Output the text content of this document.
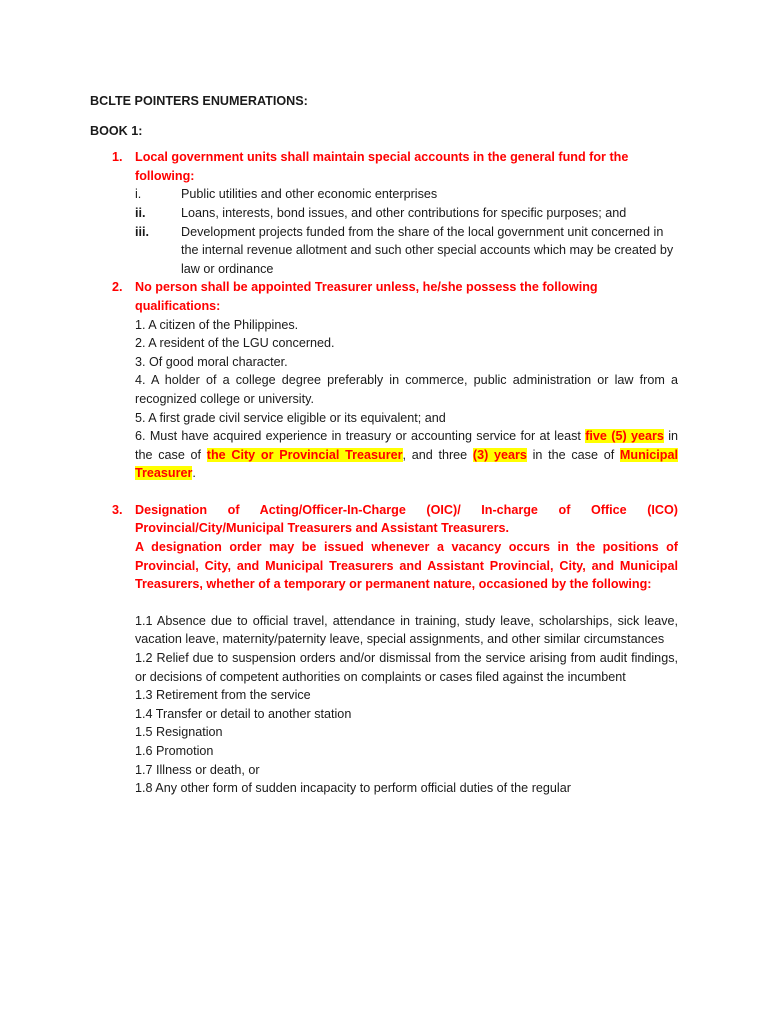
BCLTE POINTERS ENUMERATIONS:

BOOK 1:

1. Local government units shall maintain special accounts in the general fund for the following:
i.	Public utilities and other economic enterprises
ii.	Loans, interests, bond issues, and other contributions for specific purposes; and
iii.	Development projects funded from the share of the local government unit concerned in the internal revenue allotment and such other special accounts which may be created by law or ordinance
2. No person shall be appointed Treasurer unless, he/she possess the following qualifications:
1. A citizen of the Philippines.
2. A resident of the LGU concerned.
3. Of good moral character.
4. A holder of a college degree preferably in commerce, public administration or law from a recognized college or university.
5. A first grade civil service eligible or its equivalent; and
6. Must have acquired experience in treasury or accounting service for at least five (5) years in the case of the City or Provincial Treasurer, and three (3) years in the case of Municipal Treasurer.
3. Designation of Acting/Officer-In-Charge (OIC)/ In-charge of Office (ICO) Provincial/City/Municipal Treasurers and Assistant Treasurers.
A designation order may be issued whenever a vacancy occurs in the positions of Provincial, City, and Municipal Treasurers and Assistant Provincial, City, and Municipal Treasurers, whether of a temporary or permanent nature, occasioned by the following:
1.1 Absence due to official travel, attendance in training, study leave, scholarships, sick leave, vacation leave, maternity/paternity leave, special assignments, and other similar circumstances
1.2 Relief due to suspension orders and/or dismissal from the service arising from audit findings, or decisions of competent authorities on complaints or cases filed against the incumbent
1.3 Retirement from the service
1.4 Transfer or detail to another station
1.5 Resignation
1.6 Promotion
1.7 Illness or death, or
1.8 Any other form of sudden incapacity to perform official duties of the regular
